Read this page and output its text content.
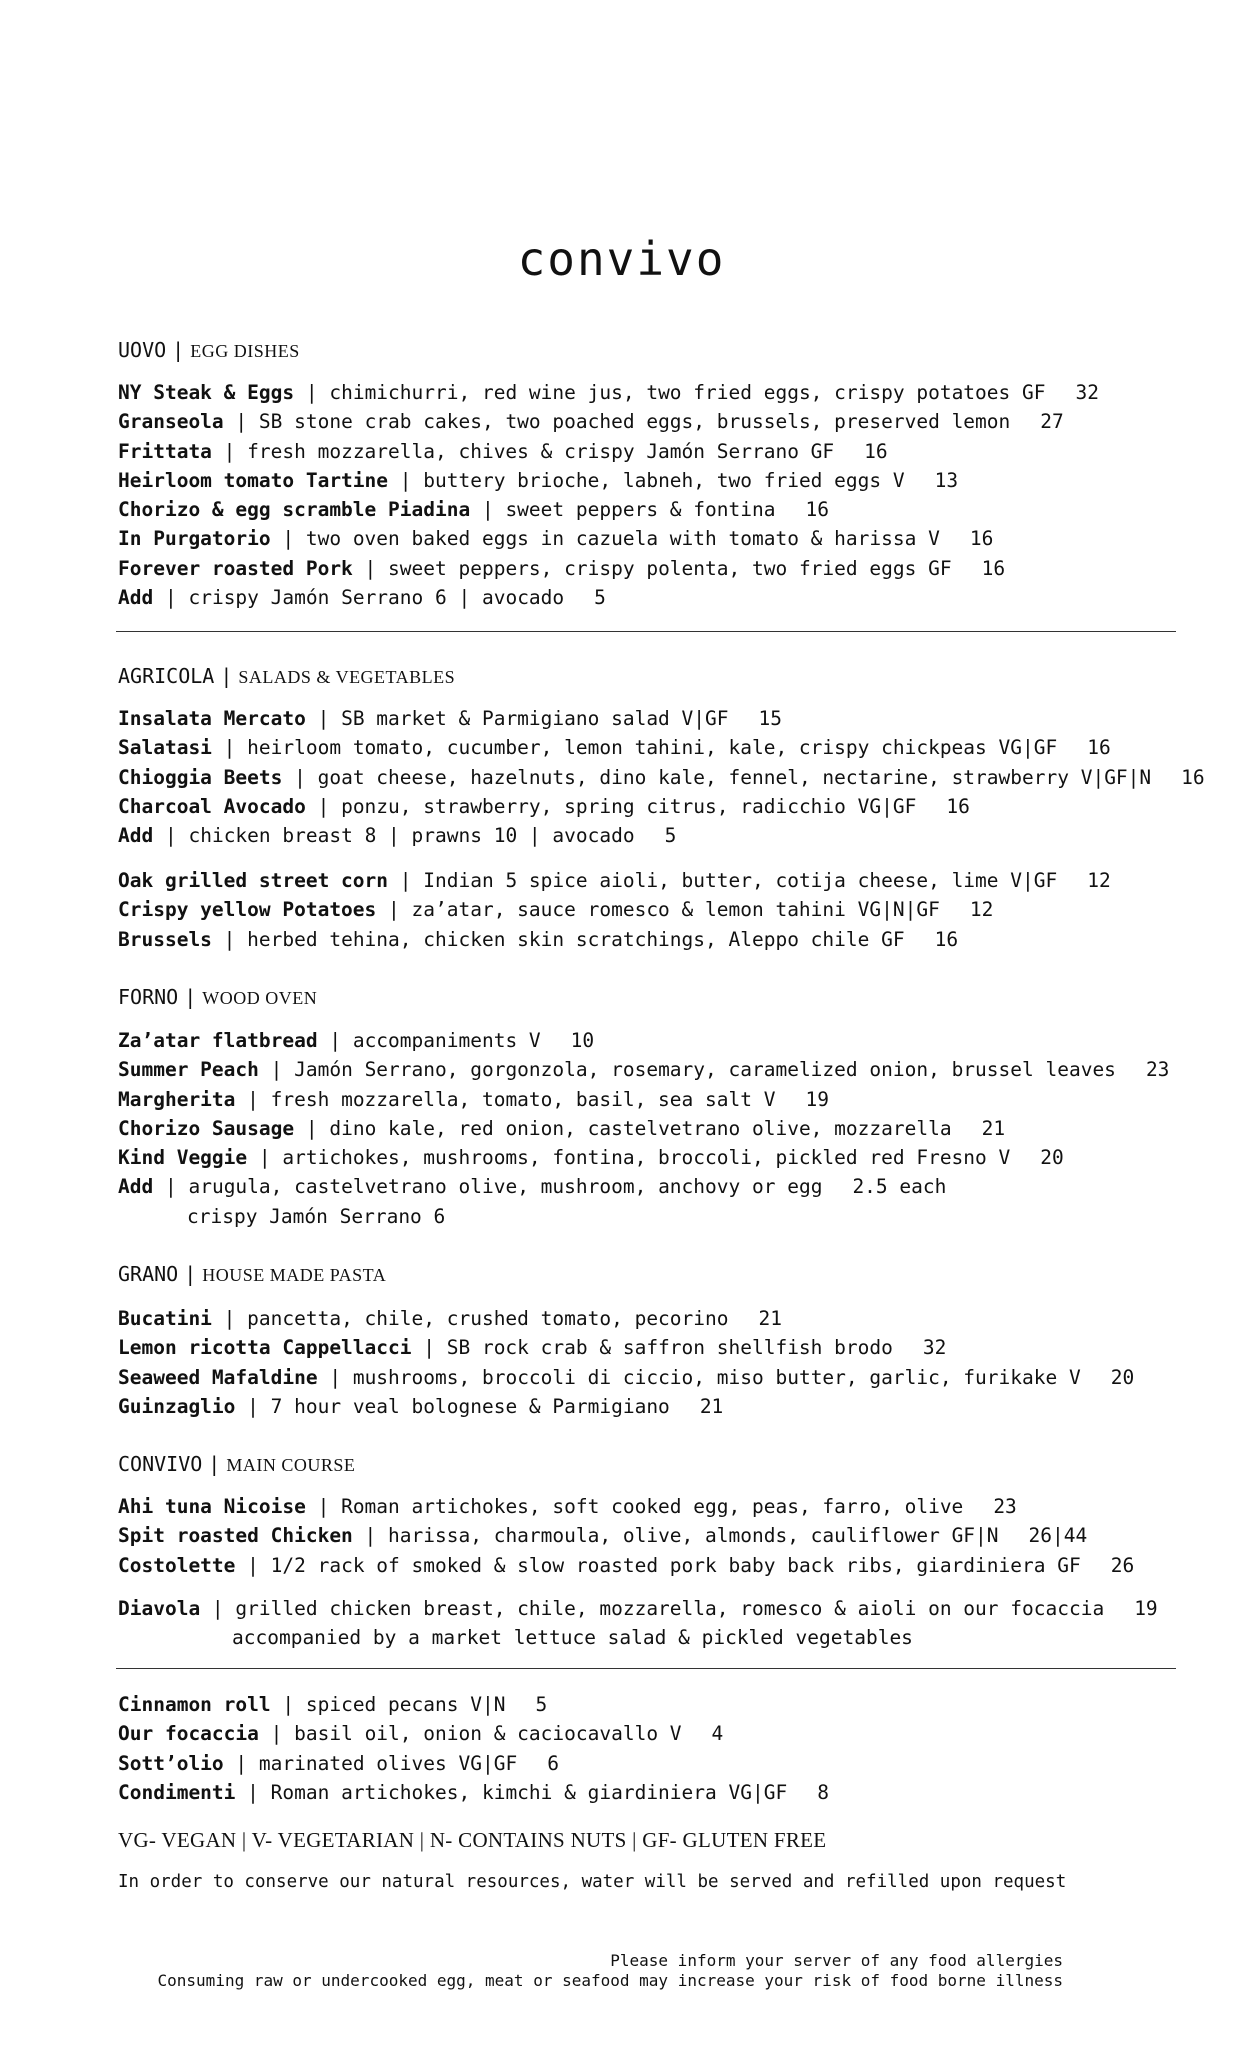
convivo
UOVO | EGG DISHES
NY Steak & Eggs | chimichurri, red wine jus, two fried eggs, crispy potatoes GF 32
Granseola | SB stone crab cakes, two poached eggs, brussels, preserved lemon 27
Frittata | fresh mozzarella, chives & crispy Jamón Serrano GF 16
Heirloom tomato Tartine | buttery brioche, labneh, two fried eggs V 13
Chorizo & egg scramble Piadina | sweet peppers & fontina 16
In Purgatorio | two oven baked eggs in cazuela with tomato & harissa V 16
Forever roasted Pork | sweet peppers, crispy polenta, two fried eggs GF 16
Add | crispy Jamón Serrano 6 | avocado 5
AGRICOLA | SALADS & VEGETABLES
Insalata Mercato | SB market & Parmigiano salad V|GF 15
Salatasi | heirloom tomato, cucumber, lemon tahini, kale, crispy chickpeas VG|GF 16
Chioggia Beets | goat cheese, hazelnuts, dino kale, fennel, nectarine, strawberry V|GF|N 16
Charcoal Avocado | ponzu, strawberry, spring citrus, radicchio VG|GF 16
Add | chicken breast 8 | prawns 10 | avocado 5
Oak grilled street corn | Indian 5 spice aioli, butter, cotija cheese, lime V|GF 12
Crispy yellow Potatoes | za’atar, sauce romesco & lemon tahini VG|N|GF 12
Brussels | herbed tehina, chicken skin scratchings, Aleppo chile GF 16
FORNO | WOOD OVEN
Za’atar flatbread | accompaniments V 10
Summer Peach | Jamón Serrano, gorgonzola, rosemary, caramelized onion, brussel leaves 23
Margherita | fresh mozzarella, tomato, basil, sea salt V 19
Chorizo Sausage | dino kale, red onion, castelvetrano olive, mozzarella 21
Kind Veggie | artichokes, mushrooms, fontina, broccoli, pickled red Fresno V 20
Add | arugula, castelvetrano olive, mushroom, anchovy or egg 2.5 each
crispy Jamón Serrano 6
GRANO | HOUSE MADE PASTA
Bucatini | pancetta, chile, crushed tomato, pecorino 21
Lemon ricotta Cappellacci | SB rock crab & saffron shellfish brodo 32
Seaweed Mafaldine | mushrooms, broccoli di ciccio, miso butter, garlic, furikake V 20
Guinzaglio | 7 hour veal bolognese & Parmigiano 21
CONVIVO | MAIN COURSE
Ahi tuna Nicoise | Roman artichokes, soft cooked egg, peas, farro, olive 23
Spit roasted Chicken | harissa, charmoula, olive, almonds, cauliflower GF|N 26|44
Costolette | 1/2 rack of smoked & slow roasted pork baby back ribs, giardiniera GF 26
Diavola | grilled chicken breast, chile, mozzarella, romesco & aioli on our focaccia 19
accompanied by a market lettuce salad & pickled vegetables
Cinnamon roll | spiced pecans V|N 5
Our focaccia | basil oil, onion & caciocavallo V 4
Sott’olio | marinated olives VG|GF 6
Condimenti | Roman artichokes, kimchi & giardiniera VG|GF 8
VG- VEGAN | V- VEGETARIAN | N- CONTAINS NUTS | GF- GLUTEN FREE
In order to conserve our natural resources, water will be served and refilled upon request
Please inform your server of any food allergies
Consuming raw or undercooked egg, meat or seafood may increase your risk of food borne illness
